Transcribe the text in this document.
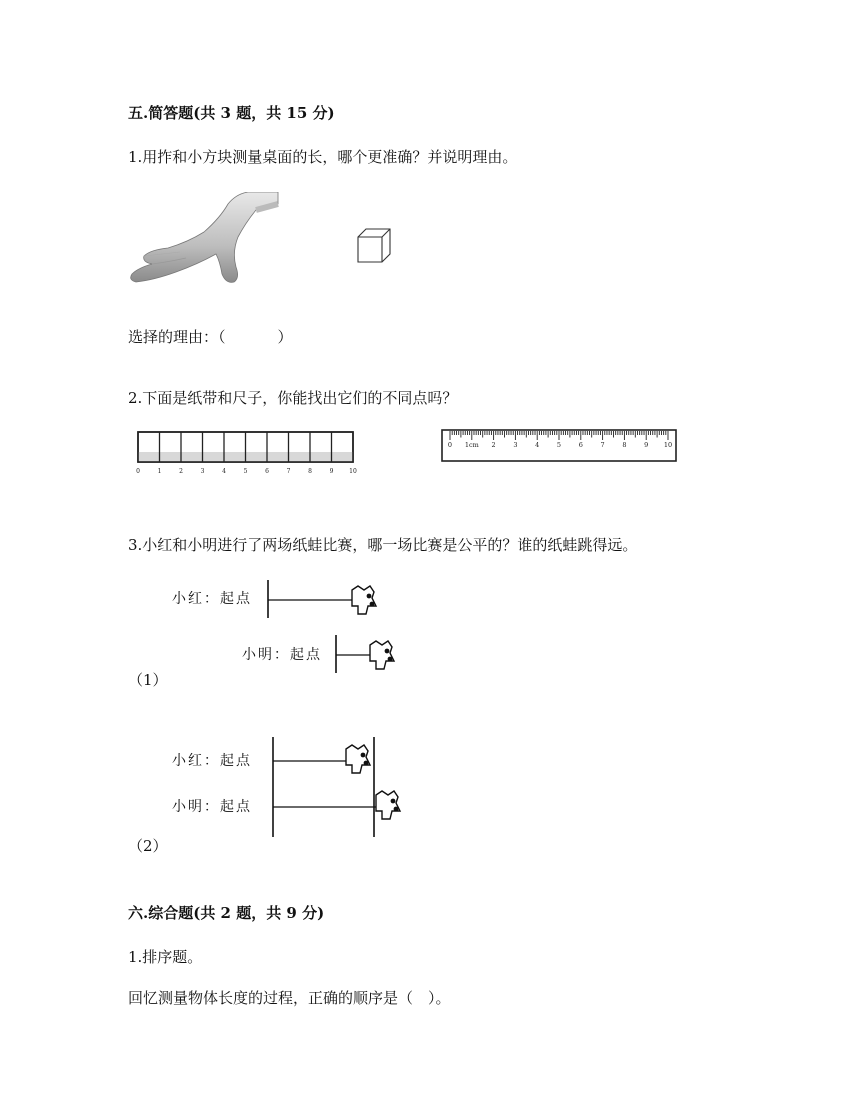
五.简答题(共 3 题，共 15 分)
1.用拃和小方块测量桌面的长，哪个更准确？并说明理由。
选择的理由：（	）
2.下面是纸带和尺子，你能找出它们的不同点吗？
0	1	2	3	4	5	6	7	8	9	10
0 1cm 2	3	4	5	6	7	8	9 10
3.小红和小明进行了两场纸蛙比赛，哪一场比赛是公平的？谁的纸蛙跳得远。
小红：起点
小明：起点
（1）
小红：起点
小明：起点
（2）
六.综合题(共 2 题，共 9 分)
1.排序题。
回忆测量物体长度的过程，正确的顺序是（　）。
